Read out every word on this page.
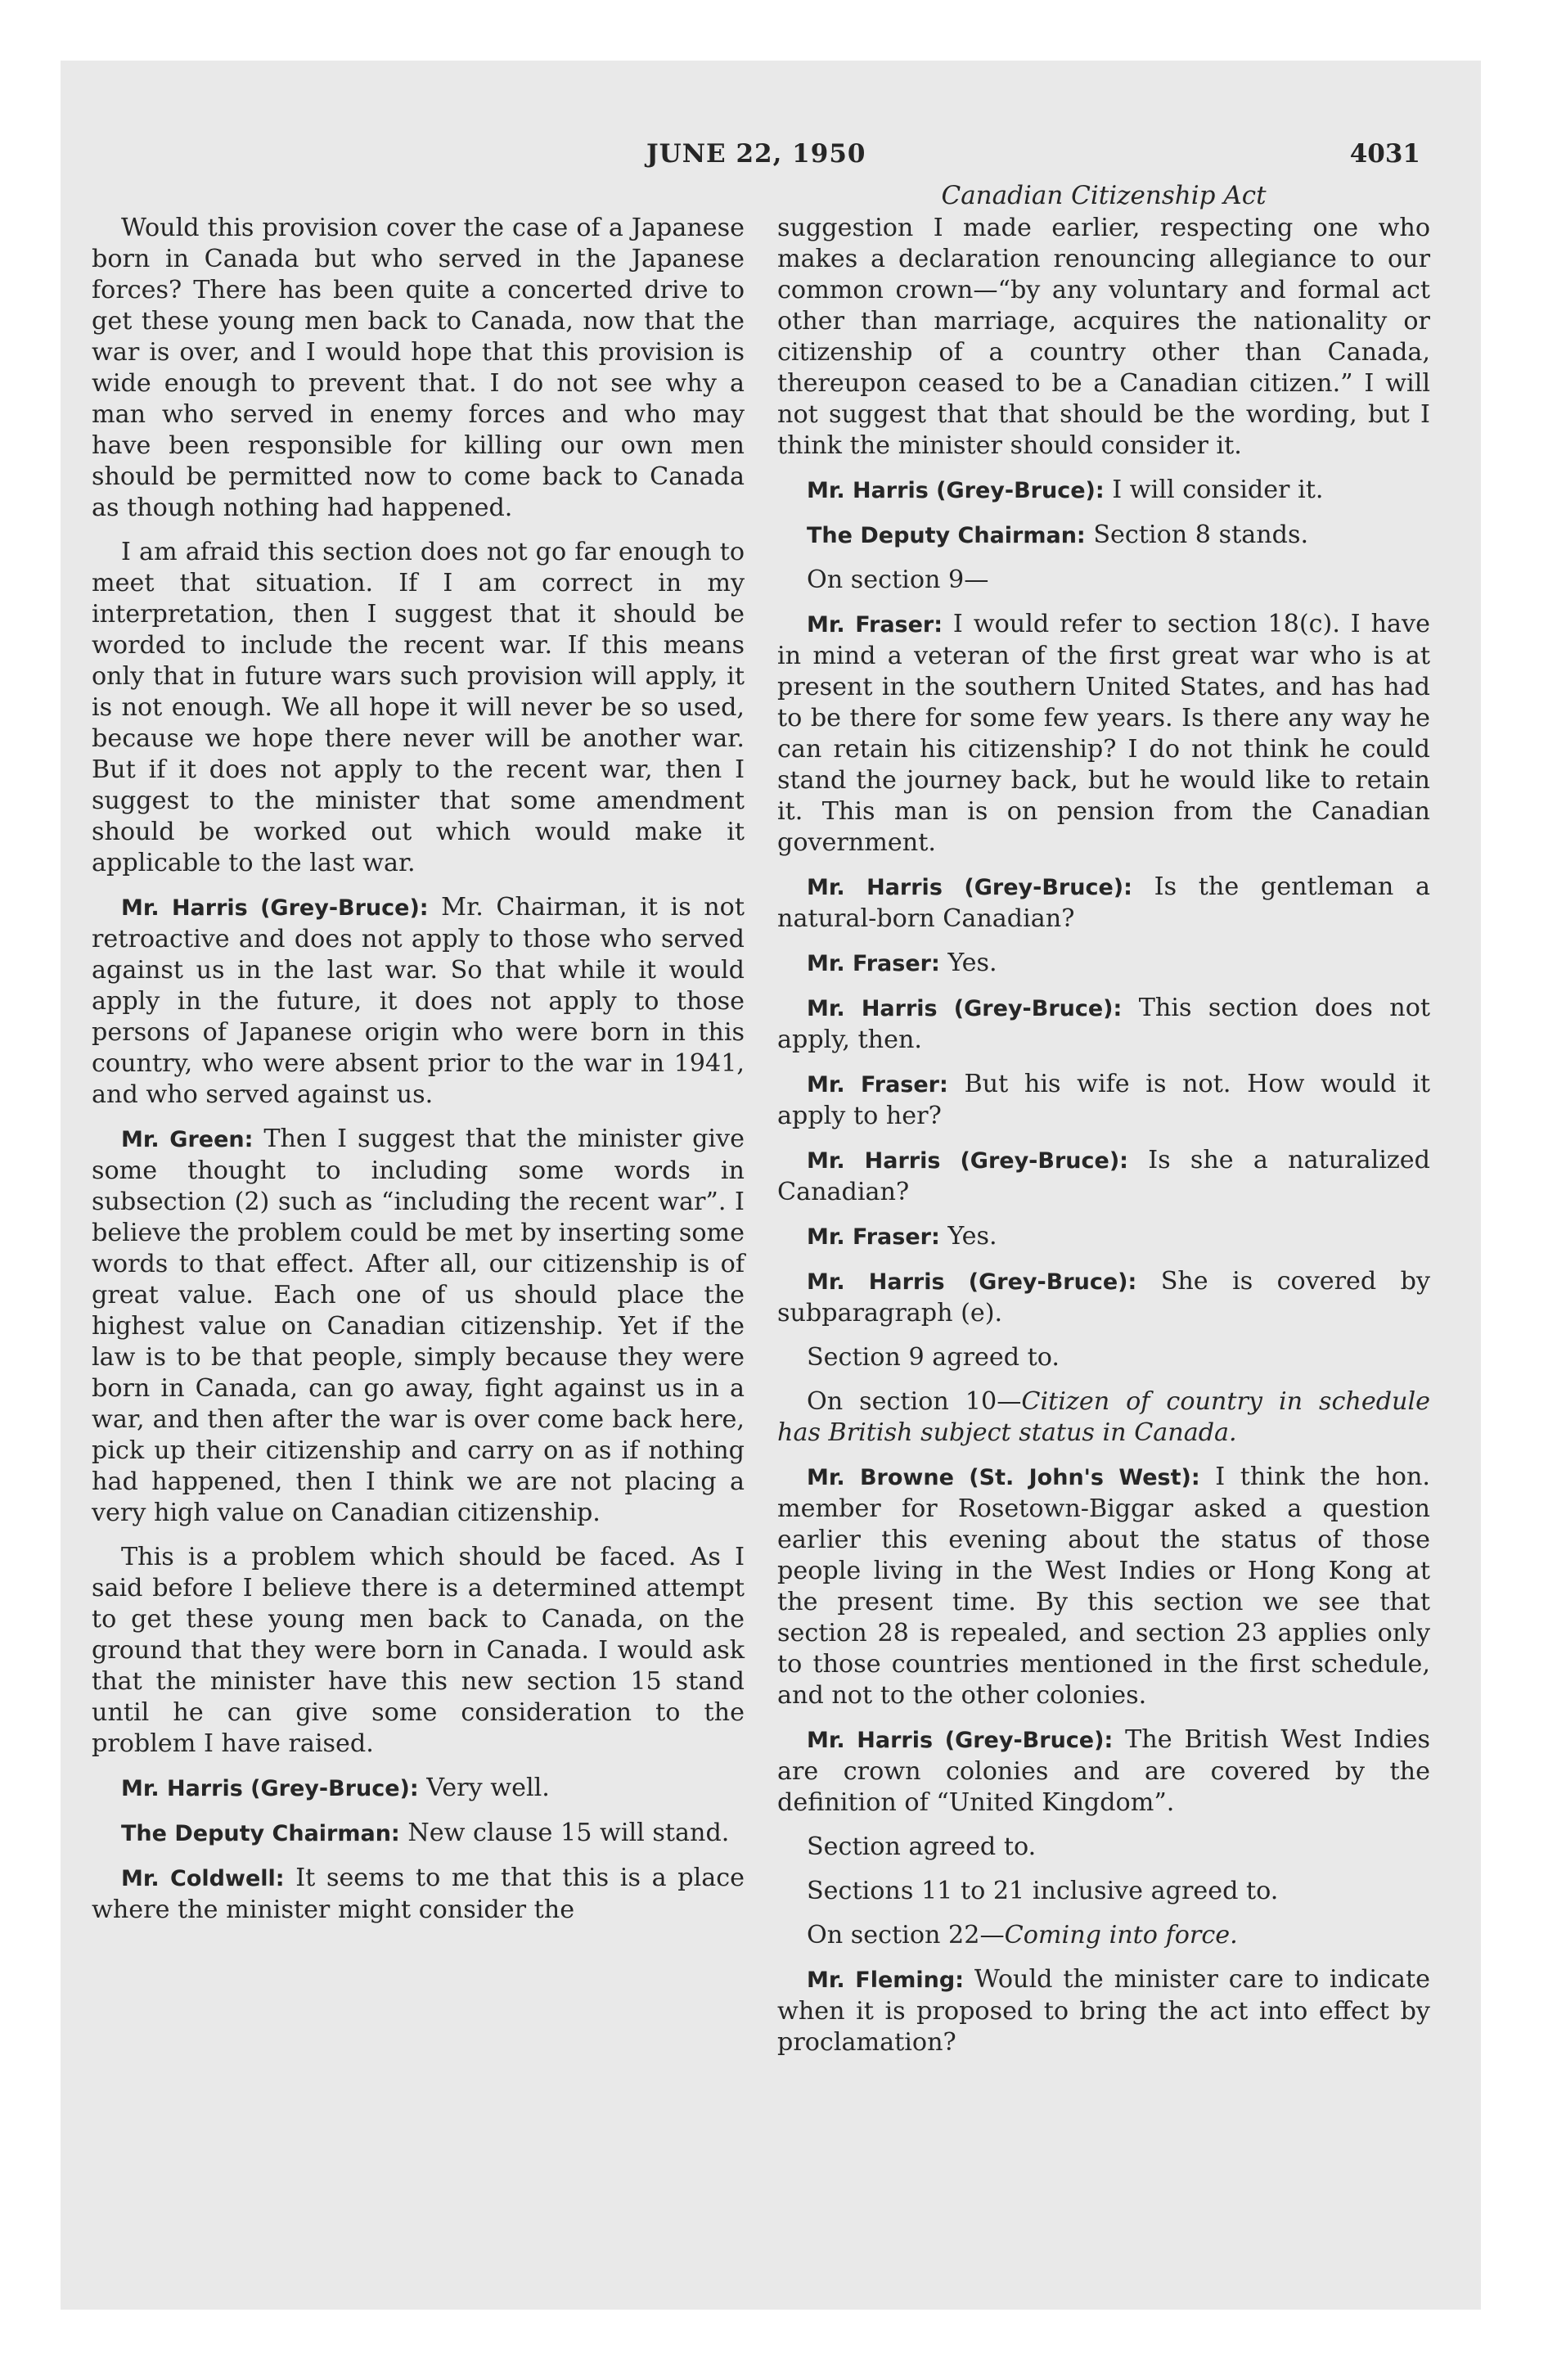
JUNE 22, 1950	4031

Would this provision cover the case of a Japanese born in Canada but who served in the Japanese forces? There has been quite a concerted drive to get these young men back to Canada, now that the war is over, and I would hope that this provision is wide enough to prevent that. I do not see why a man who served in enemy forces and who may have been responsible for killing our own men should be permitted now to come back to Canada as though nothing had happened.

I am afraid this section does not go far enough to meet that situation. If I am correct in my interpretation, then I suggest that it should be worded to include the recent war. If this means only that in future wars such provision will apply, it is not enough. We all hope it will never be so used, because we hope there never will be another war. But if it does not apply to the recent war, then I suggest to the minister that some amendment should be worked out which would make it applicable to the last war.

Mr. Harris (Grey-Bruce): Mr. Chairman, it is not retroactive and does not apply to those who served against us in the last war. So that while it would apply in the future, it does not apply to those persons of Japanese origin who were born in this country, who were absent prior to the war in 1941, and who served against us.

Mr. Green: Then I suggest that the minister give some thought to including some words in subsection (2) such as “including the recent war”. I believe the problem could be met by inserting some words to that effect. After all, our citizenship is of great value. Each one of us should place the highest value on Canadian citizenship. Yet if the law is to be that people, simply because they were born in Canada, can go away, fight against us in a war, and then after the war is over come back here, pick up their citizenship and carry on as if nothing had happened, then I think we are not placing a very high value on Canadian citizenship.

This is a problem which should be faced. As I said before I believe there is a determined attempt to get these young men back to Canada, on the ground that they were born in Canada. I would ask that the minister have this new section 15 stand until he can give some consideration to the problem I have raised.

Mr. Harris (Grey-Bruce): Very well.

The Deputy Chairman: New clause 15 will stand.

Mr. Coldwell: It seems to me that this is a place where the minister might consider the

Canadian Citizenship Act

suggestion I made earlier, respecting one who makes a declaration renouncing allegiance to our common crown—“by any voluntary and formal act other than marriage, acquires the nationality or citizenship of a country other than Canada, thereupon ceased to be a Canadian citizen.” I will not suggest that that should be the wording, but I think the minister should consider it.

Mr. Harris (Grey-Bruce): I will consider it.

The Deputy Chairman: Section 8 stands.

On section 9—

Mr. Fraser: I would refer to section 18(c). I have in mind a veteran of the first great war who is at present in the southern United States, and has had to be there for some few years. Is there any way he can retain his citizenship? I do not think he could stand the journey back, but he would like to retain it. This man is on pension from the Canadian government.

Mr. Harris (Grey-Bruce): Is the gentleman a natural-born Canadian?

Mr. Fraser: Yes.

Mr. Harris (Grey-Bruce): This section does not apply, then.

Mr. Fraser: But his wife is not. How would it apply to her?

Mr. Harris (Grey-Bruce): Is she a naturalized Canadian?

Mr. Fraser: Yes.

Mr. Harris (Grey-Bruce): She is covered by subparagraph (e).

Section 9 agreed to.

On section 10—Citizen of country in schedule has British subject status in Canada.

Mr. Browne (St. John's West): I think the hon. member for Rosetown-Biggar asked a question earlier this evening about the status of those people living in the West Indies or Hong Kong at the present time. By this section we see that section 28 is repealed, and section 23 applies only to those countries mentioned in the first schedule, and not to the other colonies.

Mr. Harris (Grey-Bruce): The British West Indies are crown colonies and are covered by the definition of “United Kingdom”.

Section agreed to.

Sections 11 to 21 inclusive agreed to.

On section 22—Coming into force.

Mr. Fleming: Would the minister care to indicate when it is proposed to bring the act into effect by proclamation?
